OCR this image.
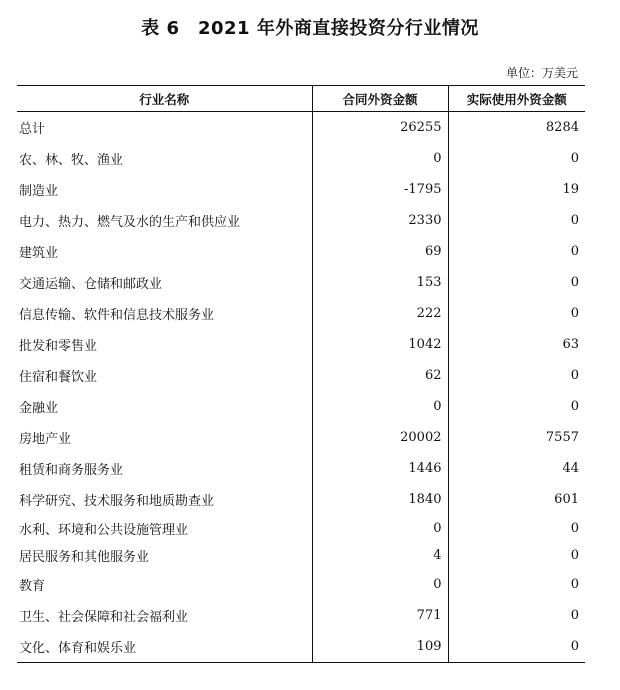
表 6　2021 年外商直接投资分行业情况
单位：万美元
行业名称	合同外资金额	实际使用外资金额
总计	26255	8284
农、林、牧、渔业	0	0
制造业	-1795	19
电力、热力、燃气及水的生产和供应业	2330	0
建筑业	69	0
交通运输、仓储和邮政业	153	0
信息传输、软件和信息技术服务业	222	0
批发和零售业	1042	63
住宿和餐饮业	62	0
金融业	0	0
房地产业	20002	7557
租赁和商务服务业	1446	44
科学研究、技术服务和地质勘查业	1840	601
水利、环境和公共设施管理业	0	0
居民服务和其他服务业	4	0
教育	0	0
卫生、社会保障和社会福利业	771	0
文化、体育和娱乐业	109	0
